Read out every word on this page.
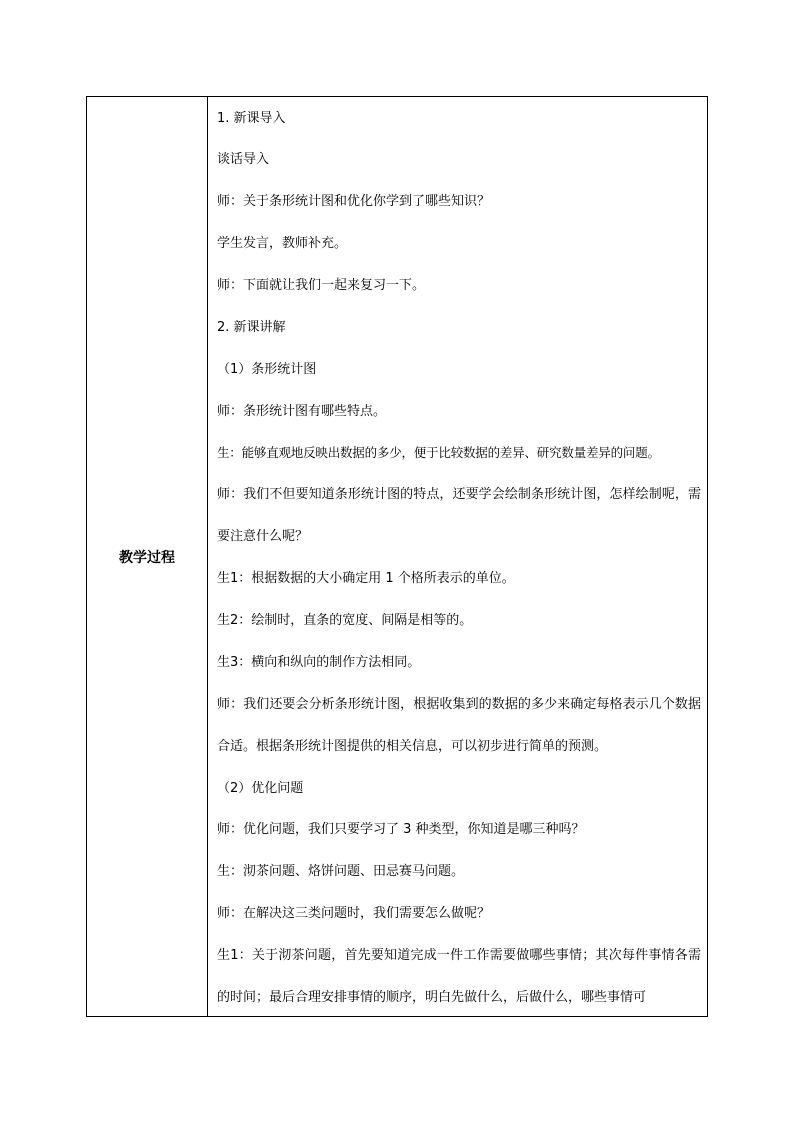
教学过程
1. 新课导入
谈话导入
师：关于条形统计图和优化你学到了哪些知识？
学生发言，教师补充。
师：下面就让我们一起来复习一下。
2. 新课讲解
（1）条形统计图
师：条形统计图有哪些特点。
生：能够直观地反映出数据的多少，便于比较数据的差异、研究数量差异的问题。
师：我们不但要知道条形统计图的特点，还要学会绘制条形统计图，怎样绘制呢，需要注意什么呢？
生1：根据数据的大小确定用 1 个格所表示的单位。
生2：绘制时，直条的宽度、间隔是相等的。
生3：横向和纵向的制作方法相同。
师：我们还要会分析条形统计图，根据收集到的数据的多少来确定每格表示几个数据合适。根据条形统计图提供的相关信息，可以初步进行简单的预测。
（2）优化问题
师：优化问题，我们只要学习了 3 种类型，你知道是哪三种吗？
生：沏茶问题、烙饼问题、田忌赛马问题。
师：在解决这三类问题时，我们需要怎么做呢？
生1：关于沏茶问题，首先要知道完成一件工作需要做哪些事情；其次每件事情各需的时间；最后合理安排事情的顺序，明白先做什么，后做什么，哪些事情可
